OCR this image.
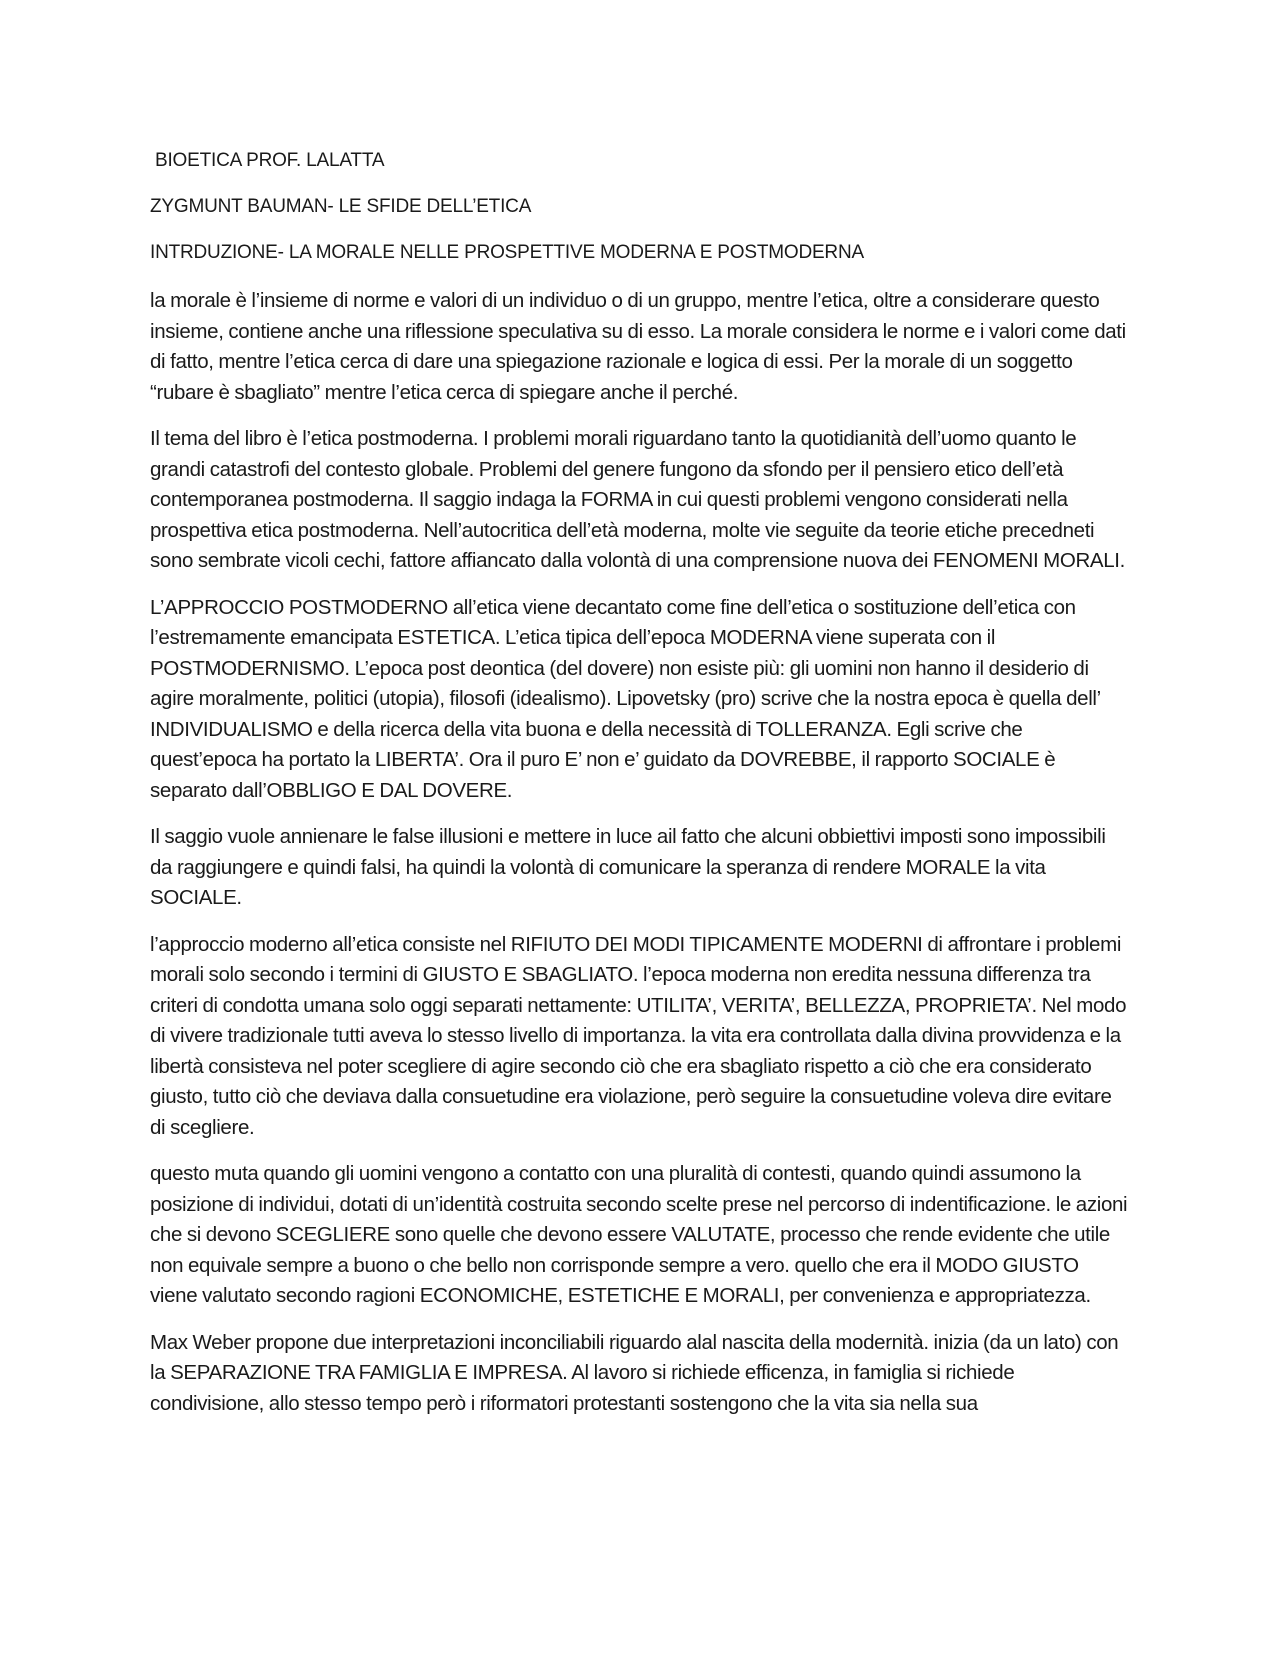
BIOETICA PROF. LALATTA

ZYGMUNT BAUMAN- LE SFIDE DELL’ETICA

INTRDUZIONE- LA MORALE NELLE PROSPETTIVE MODERNA E POSTMODERNA

la morale è l’insieme di norme e valori di un individuo o di un gruppo, mentre l’etica, oltre a considerare questo insieme, contiene anche una riflessione speculativa su di esso. La morale considera le norme e i valori come dati di fatto, mentre l’etica cerca di dare una spiegazione razionale e logica di essi. Per la morale di un soggetto “rubare è sbagliato” mentre l’etica cerca di spiegare anche il perché.

Il tema del libro è l’etica postmoderna. I problemi morali riguardano tanto la quotidianità dell’uomo quanto le grandi catastrofi del contesto globale. Problemi del genere fungono da sfondo per il pensiero etico dell’età contemporanea postmoderna. Il saggio indaga la FORMA in cui questi problemi vengono considerati nella prospettiva etica postmoderna. Nell’autocritica dell’età moderna, molte vie seguite da teorie etiche precedneti sono sembrate vicoli cechi, fattore affiancato dalla volontà di una comprensione nuova dei FENOMENI MORALI.

L’APPROCCIO POSTMODERNO all’etica viene decantato come fine dell’etica o sostituzione dell’etica con l’estremamente emancipata ESTETICA. L’etica tipica dell’epoca MODERNA viene superata con il POSTMODERNISMO. L’epoca post deontica (del dovere) non esiste più: gli uomini non hanno il desiderio di agire moralmente, politici (utopia), filosofi (idealismo). Lipovetsky (pro) scrive che la nostra epoca è quella dell’ INDIVIDUALISMO e della ricerca della vita buona e della necessità di TOLLERANZA. Egli scrive che quest’epoca ha portato la LIBERTA’. Ora il puro E’ non e’ guidato da DOVREBBE, il rapporto SOCIALE è separato dall’OBBLIGO E DAL DOVERE.

Il saggio vuole annienare le false illusioni e mettere in luce ail fatto che alcuni obbiettivi imposti sono impossibili da raggiungere e quindi falsi, ha quindi la volontà di comunicare la speranza di rendere MORALE la vita SOCIALE.

l’approccio moderno all’etica consiste nel RIFIUTO DEI MODI TIPICAMENTE MODERNI di affrontare i problemi morali solo secondo i termini di GIUSTO E SBAGLIATO. l’epoca moderna non eredita nessuna differenza tra criteri di condotta umana solo oggi separati nettamente: UTILITA’, VERITA’, BELLEZZA, PROPRIETA’. Nel modo di vivere tradizionale tutti aveva lo stesso livello di importanza. la vita era controllata dalla divina provvidenza e la libertà consisteva nel poter scegliere di agire secondo ciò che era sbagliato rispetto a ciò che era considerato giusto, tutto ciò che deviava dalla consuetudine era violazione, però seguire la consuetudine voleva dire evitare di scegliere.

questo muta quando gli uomini vengono a contatto con una pluralità di contesti, quando quindi assumono la posizione di individui, dotati di un’identità costruita secondo scelte prese nel percorso di indentificazione. le azioni che si devono SCEGLIERE sono quelle che devono essere VALUTATE, processo che rende evidente che utile non equivale sempre a buono o che bello non corrisponde sempre a vero. quello che era il MODO GIUSTO viene valutato secondo ragioni ECONOMICHE, ESTETICHE E MORALI, per convenienza e appropriatezza.

Max Weber propone due interpretazioni inconciliabili riguardo alal nascita della modernità. inizia (da un lato) con la SEPARAZIONE TRA FAMIGLIA E IMPRESA. Al lavoro si richiede efficenza, in famiglia si richiede condivisione, allo stesso tempo però i riformatori protestanti sostengono che la vita sia nella sua
